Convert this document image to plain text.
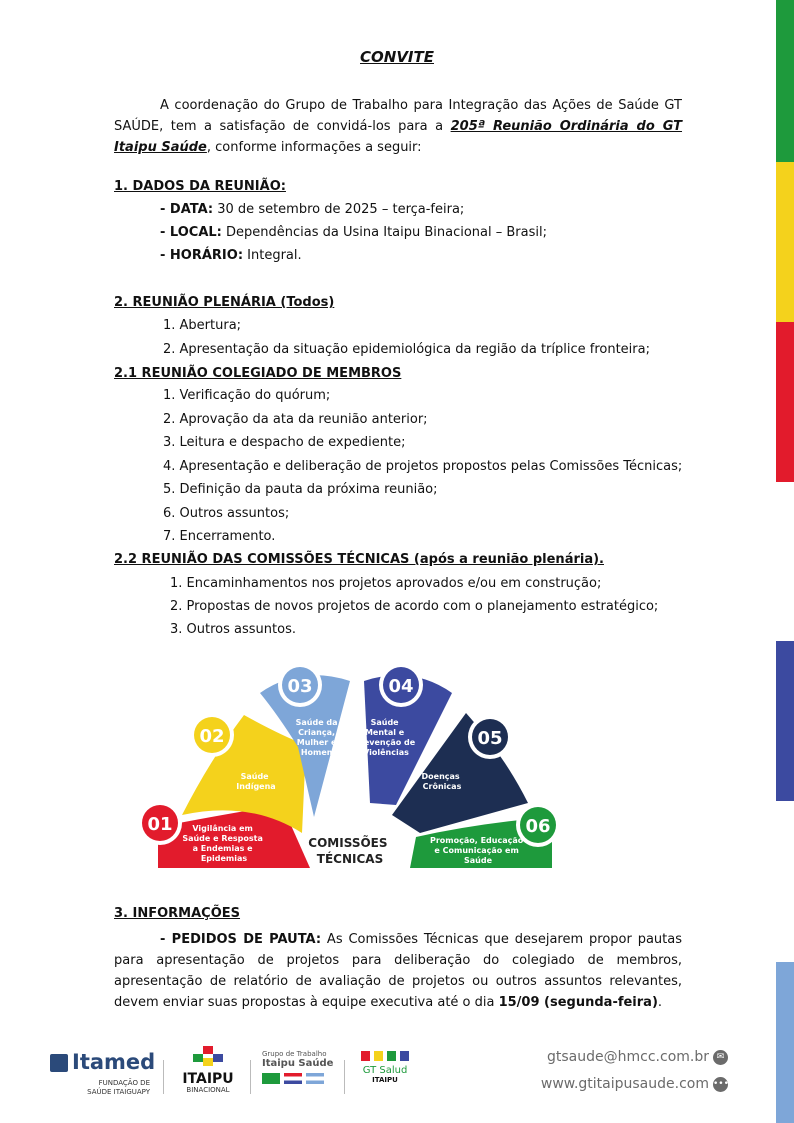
CONVITE
A coordenação do Grupo de Trabalho para Integração das Ações de Saúde GT SAÚDE, tem a satisfação de convidá-los para a 205ª Reunião Ordinária do GT Itaipu Saúde, conforme informações a seguir:
1. DADOS DA REUNIÃO:
- DATA: 30 de setembro de 2025 – terça-feira;
- LOCAL: Dependências da Usina Itaipu Binacional – Brasil;
- HORÁRIO: Integral.
2. REUNIÃO PLENÁRIA (Todos)
1. Abertura;
2. Apresentação da situação epidemiológica da região da tríplice fronteira;
2.1 REUNIÃO COLEGIADO DE MEMBROS
1. Verificação do quórum;
2. Aprovação da ata da reunião anterior;
3. Leitura e despacho de expediente;
4. Apresentação e deliberação de projetos propostos pelas Comissões Técnicas;
5. Definição da pauta da próxima reunião;
6. Outros assuntos;
7. Encerramento.
2.2 REUNIÃO DAS COMISSÕES TÉCNICAS (após a reunião plenária).
1. Encaminhamentos nos projetos aprovados e/ou em construção;
2. Propostas de novos projetos de acordo com o planejamento estratégico;
3. Outros assuntos.
01
02
03	04
05
06
Vigilância em Saúde e Resposta a Endemias e Epidemias
Saúde Indígena
Saúde da Criança, Mulher e Homem
Saúde Mental e Prevenção de Violências
Doenças Crônicas
Promoção, Educação e Comunicação em Saúde
COMISSÕES TÉCNICAS
3. INFORMAÇÕES
- PEDIDOS DE PAUTA: As Comissões Técnicas que desejarem propor pautas para apresentação de projetos para deliberação do colegiado de membros, apresentação de relatório de avaliação de projetos ou outros assuntos relevantes, devem enviar suas propostas à equipe executiva até o dia 15/09 (segunda-feira).
Itamed
FUNDAÇÃO DE
SAÚDE ITAIGUAPY
ITAIPU
BINACIONAL
Grupo de Trabalho
Itaipu Saúde

GT Salud
ITAIPU
gtsaude@hmcc.com.br ✉
www.gtitaipusaude.com •••
